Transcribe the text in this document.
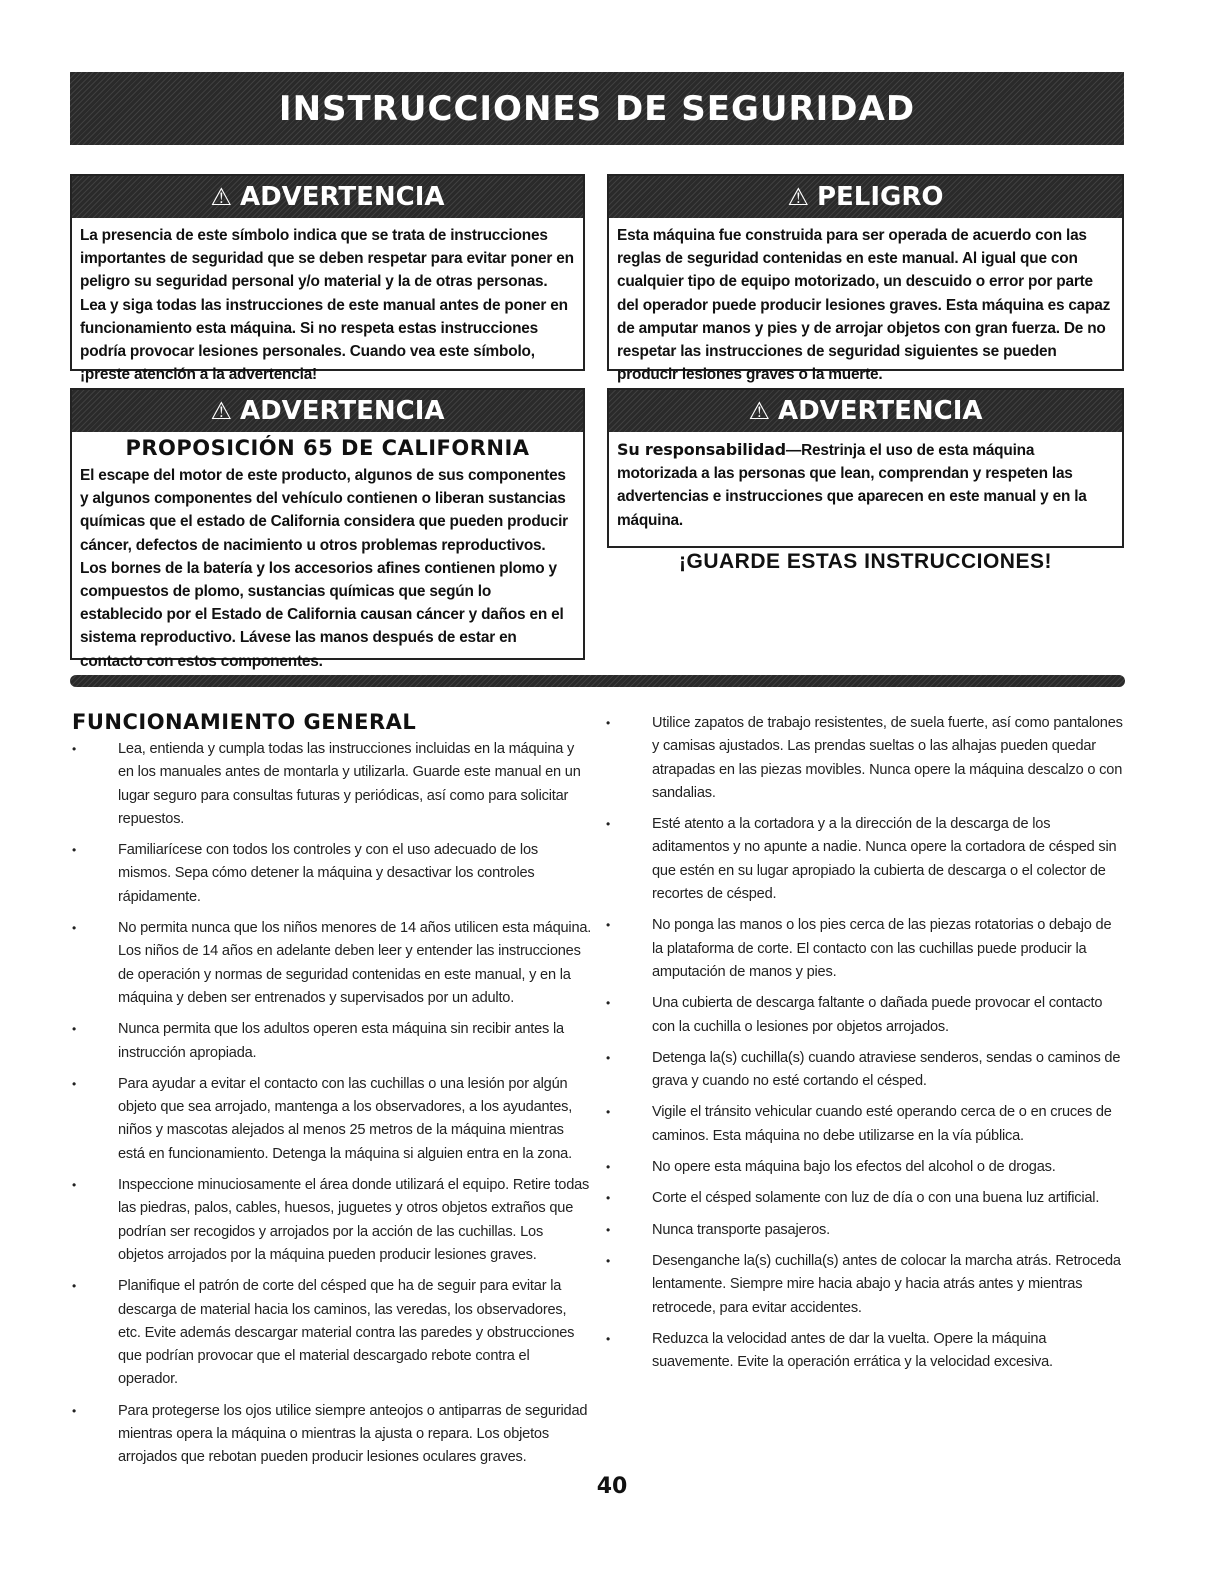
INSTRUCCIONES DE SEGURIDAD
⚠ ADVERTENCIA
La presencia de este símbolo indica que se trata de instrucciones importantes de seguridad que se deben respetar para evitar poner en peligro su seguridad personal y/o material y la de otras personas. Lea y siga todas las instrucciones de este manual antes de poner en funcionamiento esta máquina. Si no respeta estas instrucciones podría provocar lesiones personales. Cuando vea este símbolo, ¡preste atención a la advertencia!
⚠ PELIGRO
Esta máquina fue construida para ser operada de acuerdo con las reglas de seguridad contenidas en este manual. Al igual que con cualquier tipo de equipo motorizado, un descuido o error por parte del operador puede producir lesiones graves. Esta máquina es capaz de amputar manos y pies y de arrojar objetos con gran fuerza. De no respetar las instrucciones de seguridad siguientes se pueden producir lesiones graves o la muerte.
⚠ ADVERTENCIA
PROPOSICIÓN 65 DE CALIFORNIA
El escape del motor de este producto, algunos de sus componentes y algunos componentes del vehículo contienen o liberan sustancias químicas que el estado de California considera que pueden producir cáncer, defectos de nacimiento u otros problemas reproductivos. Los bornes de la batería y los accesorios afines contienen plomo y compuestos de plomo, sustancias químicas que según lo establecido por el Estado de California causan cáncer y daños en el sistema reproductivo. Lávese las manos después de estar en contacto con estos componentes.
⚠ ADVERTENCIA
Su responsabilidad—Restrinja el uso de esta máquina motorizada a las personas que lean, comprendan y respeten las advertencias e instrucciones que aparecen en este manual y en la máquina.
¡GUARDE ESTAS INSTRUCCIONES!
FUNCIONAMIENTO GENERAL
•	Lea, entienda y cumpla todas las instrucciones incluidas en la máquina y en los manuales antes de montarla y utilizarla. Guarde este manual en un lugar seguro para consultas futuras y periódicas, así como para solicitar repuestos.
•	Familiarícese con todos los controles y con el uso adecuado de los mismos. Sepa cómo detener la máquina y desactivar los controles rápidamente.
•	No permita nunca que los niños menores de 14 años utilicen esta máquina. Los niños de 14 años en adelante deben leer y entender las instrucciones de operación y normas de seguridad contenidas en este manual, y en la máquina y deben ser entrenados y supervisados por un adulto.
•	Nunca permita que los adultos operen esta máquina sin recibir antes la instrucción apropiada.
•	Para ayudar a evitar el contacto con las cuchillas o una lesión por algún objeto que sea arrojado, mantenga a los observadores, a los ayudantes, niños y mascotas alejados al menos 25 metros de la máquina mientras está en funcionamiento. Detenga la máquina si alguien entra en la zona.
•	Inspeccione minuciosamente el área donde utilizará el equipo. Retire todas las piedras, palos, cables, huesos, juguetes y otros objetos extraños que podrían ser recogidos y arrojados por la acción de las cuchillas. Los objetos arrojados por la máquina pueden producir lesiones graves.
•	Planifique el patrón de corte del césped que ha de seguir para evitar la descarga de material hacia los caminos, las veredas, los observadores, etc. Evite además descargar material contra las paredes y obstrucciones que podrían provocar que el material descargado rebote contra el operador.
•	Para protegerse los ojos utilice siempre anteojos o antiparras de seguridad mientras opera la máquina o mientras la ajusta o repara. Los objetos arrojados que rebotan pueden producir lesiones oculares graves.
•	Utilice zapatos de trabajo resistentes, de suela fuerte, así como pantalones y camisas ajustados. Las prendas sueltas o las alhajas pueden quedar atrapadas en las piezas movibles. Nunca opere la máquina descalzo o con sandalias.
•	Esté atento a la cortadora y a la dirección de la descarga de los aditamentos y no apunte a nadie. Nunca opere la cortadora de césped sin que estén en su lugar apropiado la cubierta de descarga o el colector de recortes de césped.
•	No ponga las manos o los pies cerca de las piezas rotatorias o debajo de la plataforma de corte. El contacto con las cuchillas puede producir la amputación de manos y pies.
•	Una cubierta de descarga faltante o dañada puede provocar el contacto con la cuchilla o lesiones por objetos arrojados.
•	Detenga la(s) cuchilla(s) cuando atraviese senderos, sendas o caminos de grava y cuando no esté cortando el césped.
•	Vigile el tránsito vehicular cuando esté operando cerca de o en cruces de caminos. Esta máquina no debe utilizarse en la vía pública.
•	No opere esta máquina bajo los efectos del alcohol o de drogas.
•	Corte el césped solamente con luz de día o con una buena luz artificial.
•	Nunca transporte pasajeros.
•	Desenganche la(s) cuchilla(s) antes de colocar la marcha atrás. Retroceda lentamente. Siempre mire hacia abajo y hacia atrás antes y mientras retrocede, para evitar accidentes.
•	Reduzca la velocidad antes de dar la vuelta. Opere la máquina suavemente. Evite la operación errática y la velocidad excesiva.
40
